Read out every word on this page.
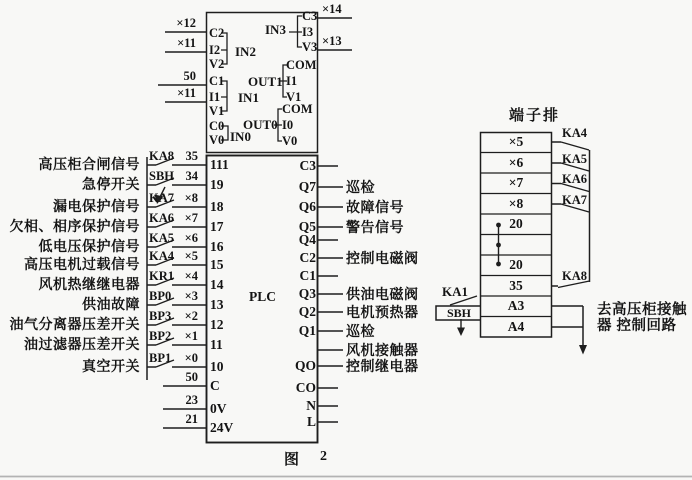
×12
×11
50
×11
C2
I2
V2
C1
I1
V1
C0
V0
IN2
IN1
IN0
IN3
OUT1
OUT0
C3
I3
V3
COM
I1
V1
COM
I0
V0
×14
×13
PLC
高压柜合闸信号 KA8 35
111
急停开关 SBH 34
19
漏电保护信号 KA7 ×8
18
欠相、相序保护信号 KA6 ×7
17
低电压保护信号 KA5 ×6
16
高压电机过载信号 KA4 ×5
15
风机热继继电器 KR1 ×4
14
供油故障 BP0 ×3
13
油气分离器压差开关 BP3 ×2
12
油过滤器压差开关 BP2 ×1
11
真空开关 BP1 ×0
10
50
C
23
0V
21
24V
C3
Q7 巡检
Q6 故障信号
Q5 警告信号
Q4
C2 控制电磁阀
C1
Q3 供油电磁阀
Q2 电机预热器
Q1 巡检
风机接触器
QO 控制继电器
CO
N
L
端子排
×5
×6
×7
×8
20
20
35
A3
A4
KA4
KA5
KA6
KA7
KA8
KA1
SBH	去高压柜接触
器 控制回路
图 2
